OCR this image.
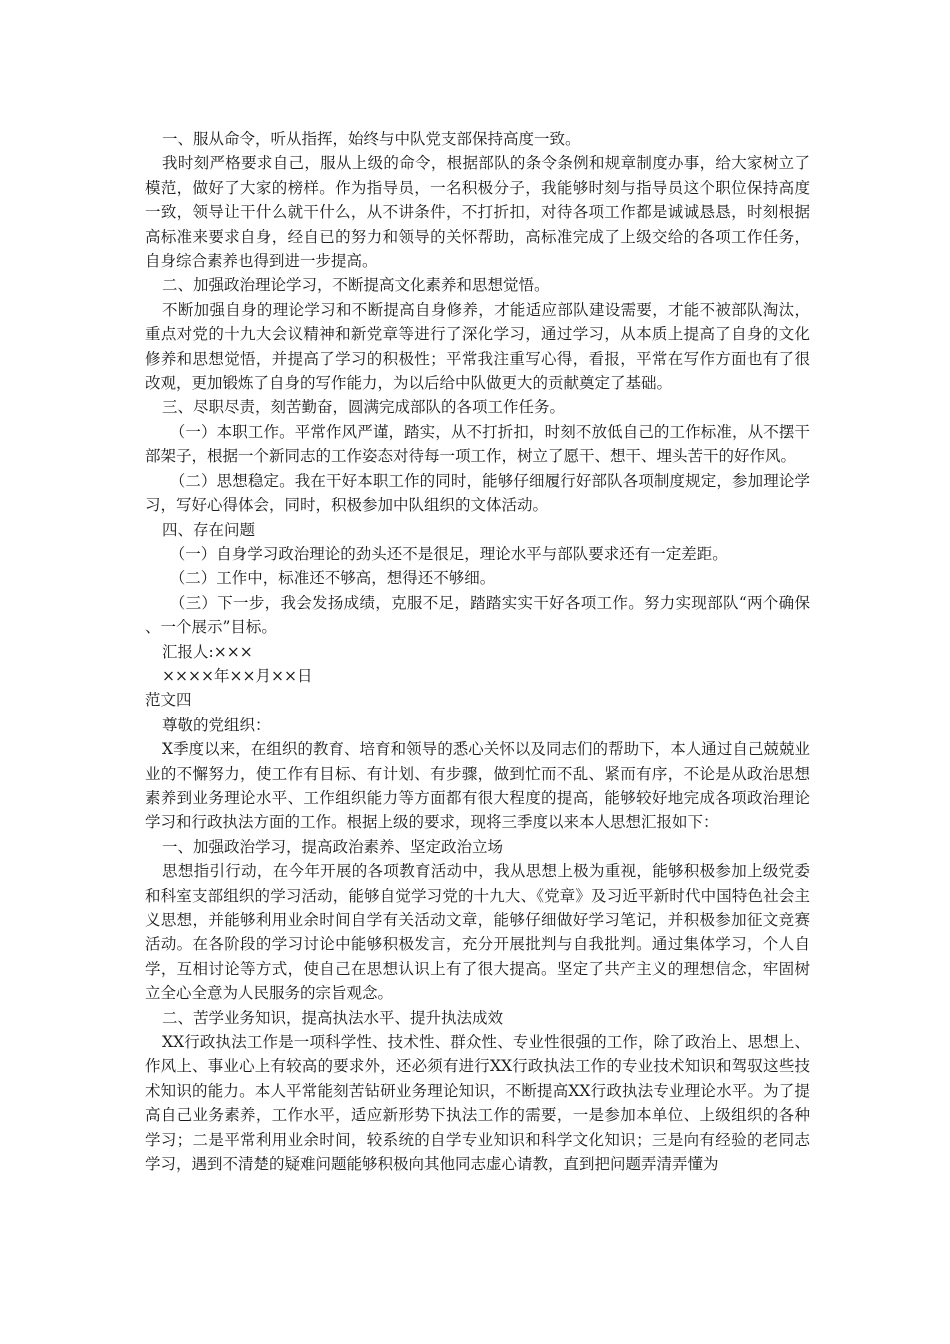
一、服从命令，听从指挥，始终与中队党支部保持高度一致。

我时刻严格要求自己，服从上级的命令，根据部队的条令条例和规章制度办事，给大家树立了模范，做好了大家的榜样。作为指导员，一名积极分子，我能够时刻与指导员这个职位保持高度一致，领导让干什么就干什么，从不讲条件，不打折扣，对待各项工作都是诚诚恳恳，时刻根据高标准来要求自身，经自已的努力和领导的关怀帮助，高标准完成了上级交给的各项工作任务，自身综合素养也得到进一步提高。

二、加强政治理论学习，不断提高文化素养和思想觉悟。

不断加强自身的理论学习和不断提高自身修养，才能适应部队建设需要，才能不被部队淘汰，重点对党的十九大会议精神和新党章等进行了深化学习，通过学习，从本质上提高了自身的文化修养和思想觉悟，并提高了学习的积极性；平常我注重写心得，看报，平常在写作方面也有了很改观，更加锻炼了自身的写作能力，为以后给中队做更大的贡献奠定了基础。

三、尽职尽责，刻苦勤奋，圆满完成部队的各项工作任务。

（一）本职工作。平常作风严谨，踏实，从不打折扣，时刻不放低自己的工作标准，从不摆干部架子，根据一个新同志的工作姿态对待每一项工作，树立了愿干、想干、埋头苦干的好作风。

（二）思想稳定。我在干好本职工作的同时，能够仔细履行好部队各项制度规定，参加理论学习，写好心得体会，同时，积极参加中队组织的文体活动。

四、存在问题

（一）自身学习政治理论的劲头还不是很足，理论水平与部队要求还有一定差距。

（二）工作中，标准还不够高，想得还不够细。

（三）下一步，我会发扬成绩，克服不足，踏踏实实干好各项工作。努力实现部队“两个确保、一个展示”目标。

汇报人:×××

××××年××月××日

范文四

尊敬的党组织：

X季度以来，在组织的教育、培育和领导的悉心关怀以及同志们的帮助下，本人通过自己兢兢业业的不懈努力，使工作有目标、有计划、有步骤，做到忙而不乱、紧而有序，不论是从政治思想素养到业务理论水平、工作组织能力等方面都有很大程度的提高，能够较好地完成各项政治理论学习和行政执法方面的工作。根据上级的要求，现将三季度以来本人思想汇报如下：

一、加强政治学习，提高政治素养、坚定政治立场

思想指引行动，在今年开展的各项教育活动中，我从思想上极为重视，能够积极参加上级党委和科室支部组织的学习活动，能够自觉学习党的十九大、《党章》及习近平新时代中国特色社会主义思想，并能够利用业余时间自学有关活动文章，能够仔细做好学习笔记，并积极参加征文竞赛活动。在各阶段的学习讨论中能够积极发言，充分开展批判与自我批判。通过集体学习，个人自学，互相讨论等方式，使自己在思想认识上有了很大提高。坚定了共产主义的理想信念，牢固树立全心全意为人民服务的宗旨观念。

二、苦学业务知识，提高执法水平、提升执法成效

XX行政执法工作是一项科学性、技术性、群众性、专业性很强的工作，除了政治上、思想上、作风上、事业心上有较高的要求外，还必须有进行XX行政执法工作的专业技术知识和驾驭这些技术知识的能力。本人平常能刻苦钻研业务理论知识，不断提高XX行政执法专业理论水平。为了提高自己业务素养，工作水平，适应新形势下执法工作的需要，一是参加本单位、上级组织的各种学习；二是平常利用业余时间，较系统的自学专业知识和科学文化知识；三是向有经验的老同志学习，遇到不清楚的疑难问题能够积极向其他同志虚心请教，直到把问题弄清弄懂为
